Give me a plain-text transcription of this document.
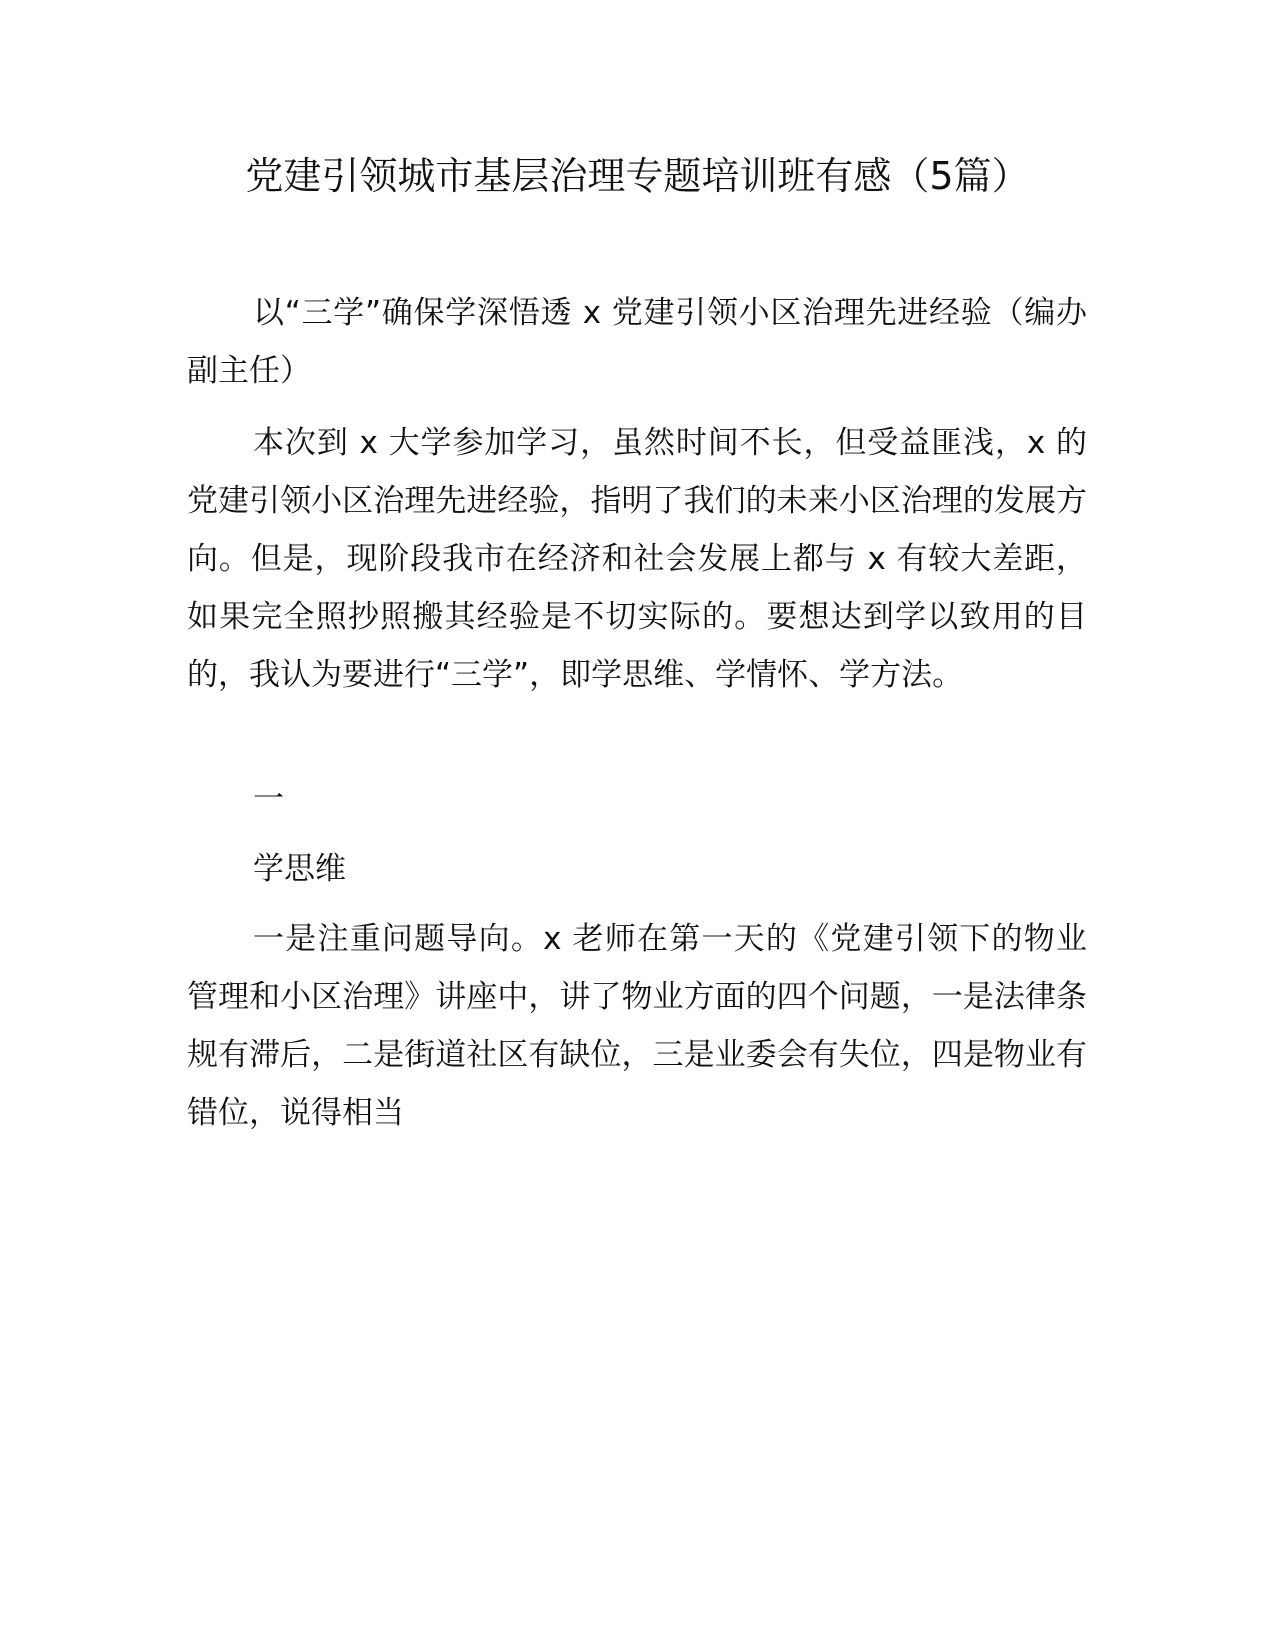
党建引领城市基层治理专题培训班有感（5篇）

以“三学”确保学深悟透 x 党建引领小区治理先进经验（编办副主任）

本次到 x 大学参加学习，虽然时间不长，但受益匪浅，x 的党建引领小区治理先进经验，指明了我们的未来小区治理的发展方向。但是，现阶段我市在经济和社会发展上都与 x 有较大差距，如果完全照抄照搬其经验是不切实际的。要想达到学以致用的目的，我认为要进行“三学”，即学思维、学情怀、学方法。

一

学思维

一是注重问题导向。x 老师在第一天的《党建引领下的物业管理和小区治理》讲座中，讲了物业方面的四个问题，一是法律条规有滞后，二是街道社区有缺位，三是业委会有失位，四是物业有错位，说得相当
